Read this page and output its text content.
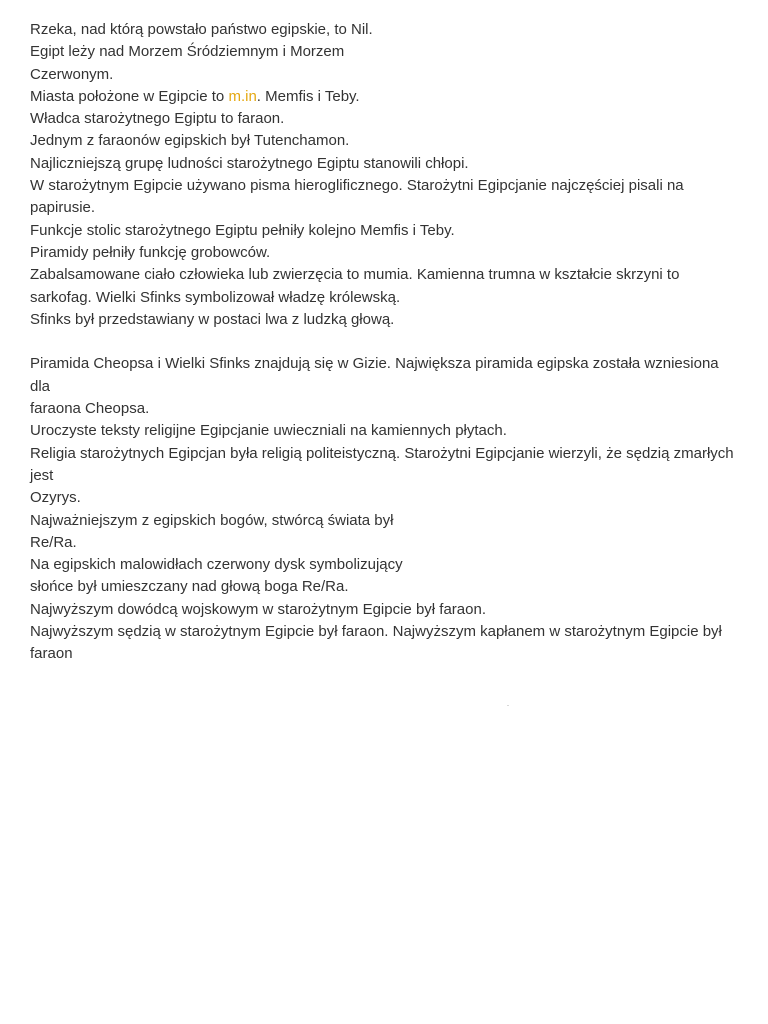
Rzeka, nad którą powstało państwo egipskie, to Nil.
Egipt leży nad Morzem Śródziemnym i Morzem
Czerwonym.
Miasta położone w Egipcie to m.in. Memfis i Teby.
Władca starożytnego Egiptu to faraon.
Jednym z faraonów egipskich był Tutenchamon.
Najliczniejszą grupę ludności starożytnego Egiptu stanowili chłopi.
W starożytnym Egipcie używano pisma hieroglificznego. Starożytni Egipcjanie najczęściej pisali na papirusie.
Funkcje stolic starożytnego Egiptu pełniły kolejno Memfis i Teby.
Piramidy pełniły funkcję grobowców.
Zabalsamowane ciało człowieka lub zwierzęcia to mumia. Kamienna trumna w kształcie skrzyni to sarkofag. Wielki Sfinks symbolizował władzę królewską.
Sfinks był przedstawiany w postaci lwa z ludzką głową.
Piramida Cheopsa i Wielki Sfinks znajdują się w Gizie. Największa piramida egipska została wzniesiona dla
faraona Cheopsa.
Uroczyste teksty religijne Egipcjanie uwieczniali na kamiennych płytach.
Religia starożytnych Egipcjan była religią politeistyczną. Starożytni Egipcjanie wierzyli, że sędzią zmarłych jest
Ozyrys.
Najważniejszym z egipskich bogów, stwórcą świata był
Re/Ra.
Na egipskich malowidłach czerwony dysk symbolizujący
słońce był umieszczany nad głową boga Re/Ra.
Najwyższym dowódcą wojskowym w starożytnym Egipcie był faraon.
Najwyższym sędzią w starożytnym Egipcie był faraon. Najwyższym kapłanem w starożytnym Egipcie był faraon
